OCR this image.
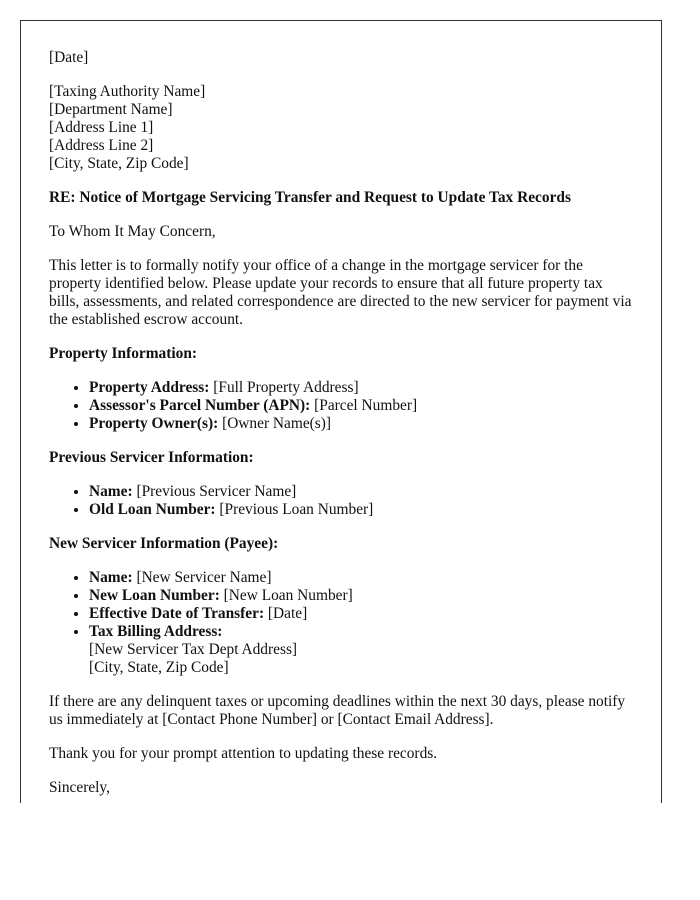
[Date]

[Taxing Authority Name]
[Department Name]
[Address Line 1]
[Address Line 2]
[City, State, Zip Code]

RE: Notice of Mortgage Servicing Transfer and Request to Update Tax Records

To Whom It May Concern,

This letter is to formally notify your office of a change in the mortgage servicer for the property identified below. Please update your records to ensure that all future property tax bills, assessments, and related correspondence are directed to the new servicer for payment via the established escrow account.

Property Information:

• Property Address: [Full Property Address]
• Assessor's Parcel Number (APN): [Parcel Number]
• Property Owner(s): [Owner Name(s)]

Previous Servicer Information:

• Name: [Previous Servicer Name]
• Old Loan Number: [Previous Loan Number]

New Servicer Information (Payee):

• Name: [New Servicer Name]
• New Loan Number: [New Loan Number]
• Effective Date of Transfer: [Date]
• Tax Billing Address:
[New Servicer Tax Dept Address]
[City, State, Zip Code]

If there are any delinquent taxes or upcoming deadlines within the next 30 days, please notify us immediately at [Contact Phone Number] or [Contact Email Address].

Thank you for your prompt attention to updating these records.

Sincerely,
